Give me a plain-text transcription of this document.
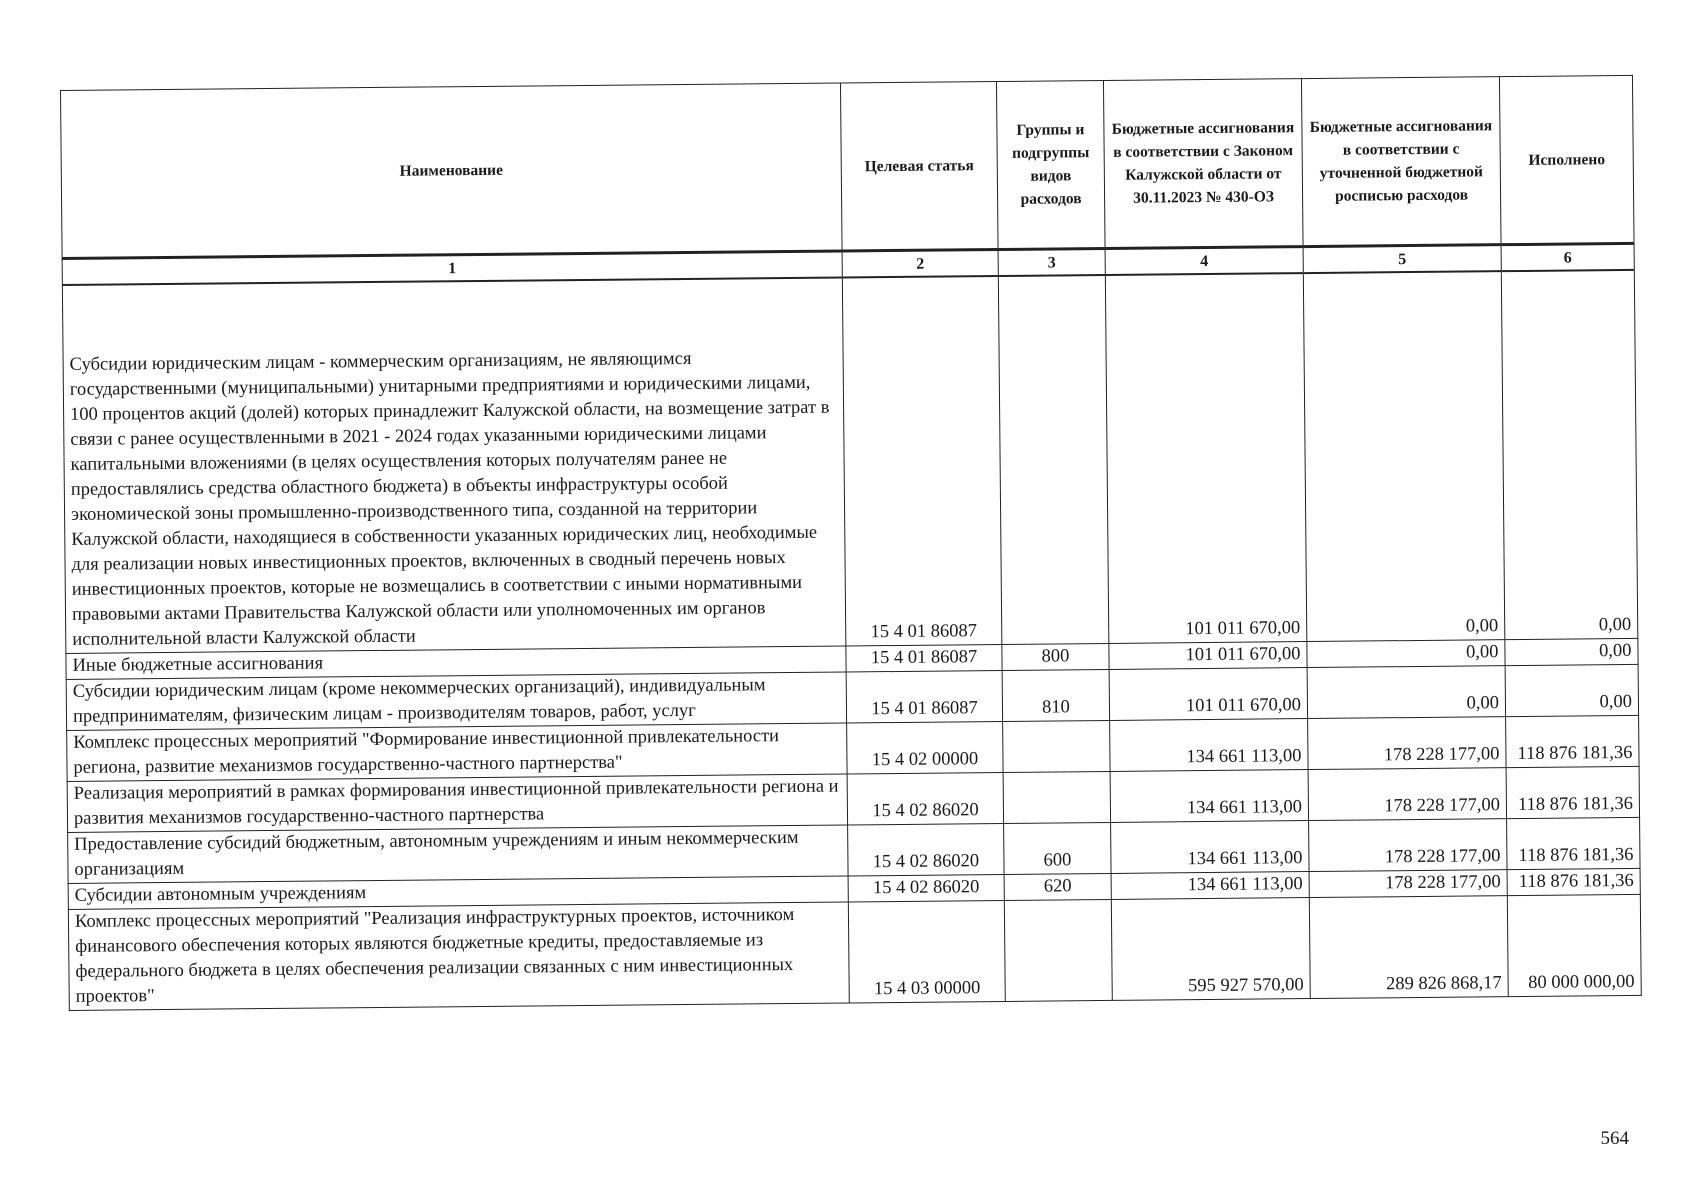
Наименование	Целевая статья	Группы и подгруппы видов расходов	Бюджетные ассигнования в соответствии с Законом Калужской области от 30.11.2023 № 430-ОЗ	Бюджетные ассигнования в соответствии с уточненной бюджетной росписью расходов	Исполнено
1	2	3	4	5	6
Субсидии юридическим лицам - коммерческим организациям, не являющимся государственными (муниципальными) унитарными предприятиями и юридическими лицами, 100 процентов акций (долей) которых принадлежит Калужской области, на возмещение затрат в связи с ранее осуществленными в 2021 - 2024 годах указанными юридическими лицами капитальными вложениями (в целях осуществления которых получателям ранее не предоставлялись средства областного бюджета) в объекты инфраструктуры особой экономической зоны промышленно-производственного типа, созданной на территории Калужской области, находящиеся в собственности указанных юридических лиц, необходимые для реализации новых инвестиционных проектов, включенных в сводный перечень новых инвестиционных проектов, которые не возмещались в соответствии с иными нормативными правовыми актами Правительства Калужской области или уполномоченных им органов исполнительной власти Калужской области	15 4 01 86087		101 011 670,00	0,00	0,00
Иные бюджетные ассигнования	15 4 01 86087	800	101 011 670,00	0,00	0,00
Субсидии юридическим лицам (кроме некоммерческих организаций), индивидуальным предпринимателям, физическим лицам - производителям товаров, работ, услуг	15 4 01 86087	810	101 011 670,00	0,00	0,00
Комплекс процессных мероприятий "Формирование инвестиционной привлекательности региона, развитие механизмов государственно-частного партнерства"	15 4 02 00000		134 661 113,00	178 228 177,00	118 876 181,36
Реализация мероприятий в рамках формирования инвестиционной привлекательности региона и развития механизмов государственно-частного партнерства	15 4 02 86020		134 661 113,00	178 228 177,00	118 876 181,36
Предоставление субсидий бюджетным, автономным учреждениям и иным некоммерческим организациям	15 4 02 86020	600	134 661 113,00	178 228 177,00	118 876 181,36
Субсидии автономным учреждениям	15 4 02 86020	620	134 661 113,00	178 228 177,00	118 876 181,36
Комплекс процессных мероприятий "Реализация инфраструктурных проектов, источником финансового обеспечения которых являются бюджетные кредиты, предоставляемые из федерального бюджета в целях обеспечения реализации связанных с ним инвестиционных проектов"	15 4 03 00000		595 927 570,00	289 826 868,17	80 000 000,00
564
